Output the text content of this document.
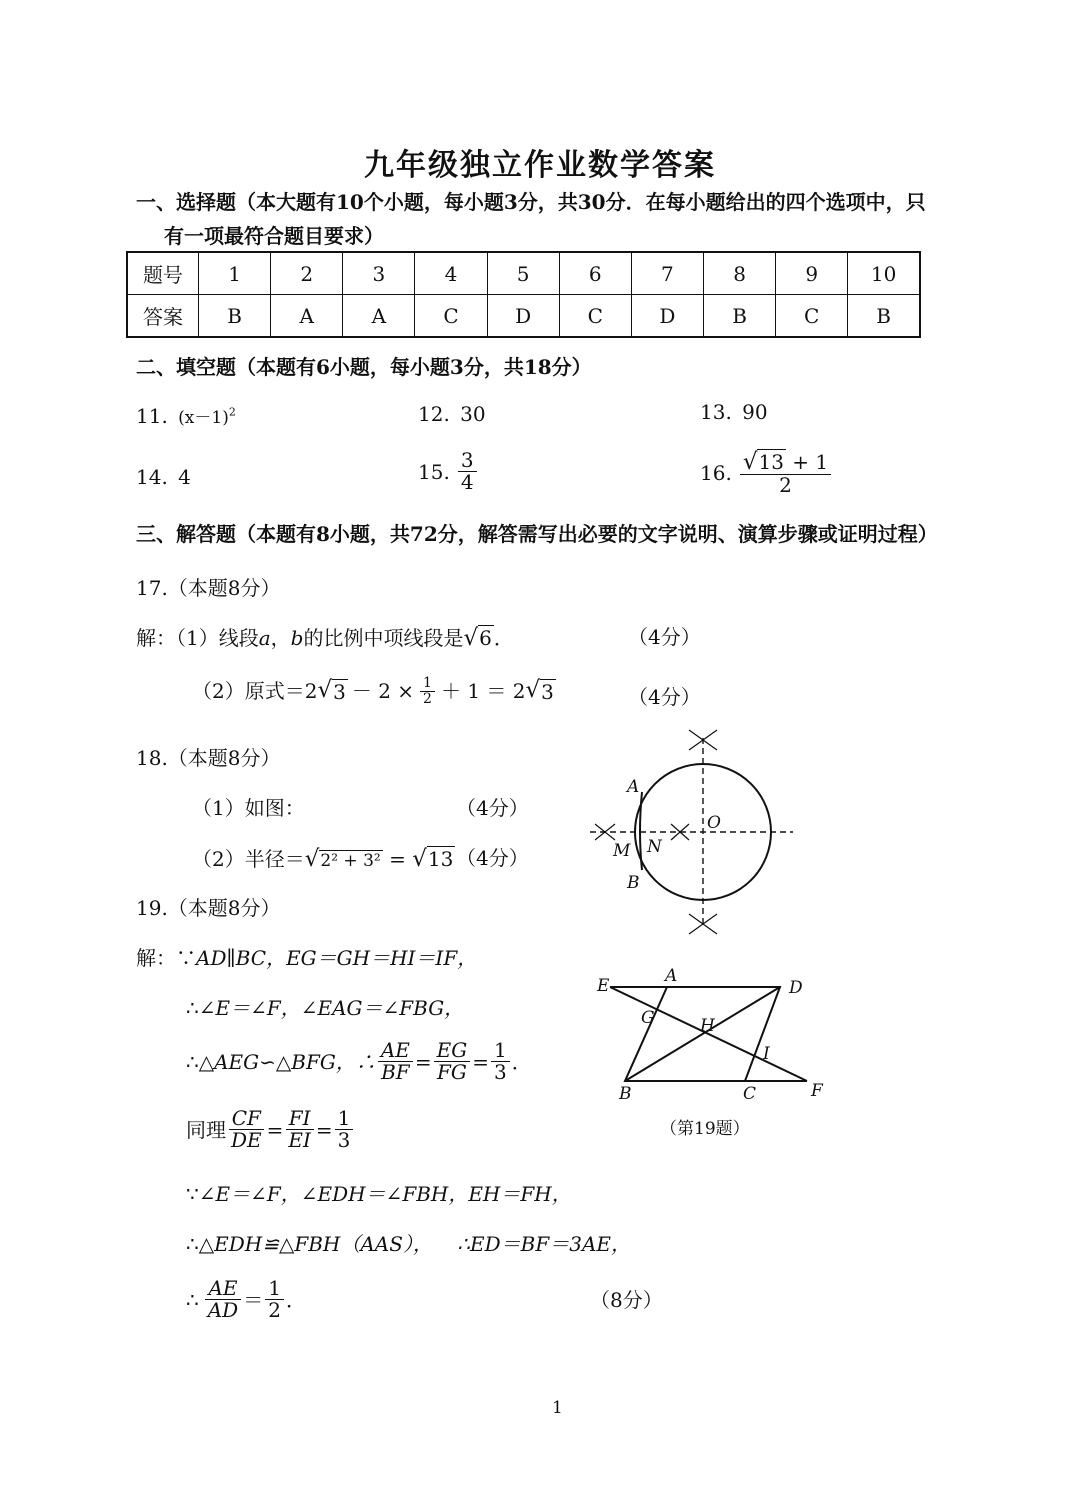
九年级独立作业数学答案
一、选择题（本大题有10个小题，每小题3分，共30分．在每小题给出的四个选项中，只
有一项最符合题目要求）
题号	1	2	3	4	5	6	7	8	9	10
答案	B	A	A	C	D	C	D	B	C	B
二、填空题（本题有6小题，每小题3分，共18分）
11. $(x-1)^2$	12. 30	13. 90
14. 4	15. $\frac{3}{4}$	16. $\frac{√13 + 1}{2}$
三、解答题（本题有8小题，共72分，解答需写出必要的文字说明、演算步骤或证明过程）
17.（本题8分）
解：（1）线段a，b的比例中项线段是√6 ．	（4分）
（2）原式＝2 √ $3 - 2 \times \frac{1}{2} + 1 = 2$ √ 3	（4分）
18.（本题8分）
（1）如图：	（4分）
（2）半径＝√2² + 3² = √13 （4分）
A
B
M N
O
19.（本题8分）
解：∵AD∥BC，EG＝GH＝HI＝IF，
∴∠E＝∠F，∠EAG＝∠FBG，
∴ △AEG∽△BFG，∴ $\frac{AE}{BF} = \frac{EG}{FG} = \frac{1}{3}$ ．
同理 $\frac{CF}{DE} = \frac{FI}{EI} = \frac{1}{3}$
∵∠E＝∠F，∠EDH＝∠FBH，EH＝FH，
∴△EDH≌△FBH（AAS）， ∴ED＝BF＝3AE，
∴ $\frac{AE}{AD} = \frac{1}{2}$ ．	（8分）
E	A
D
G	H
I
B	C	F
（第19题）
1
